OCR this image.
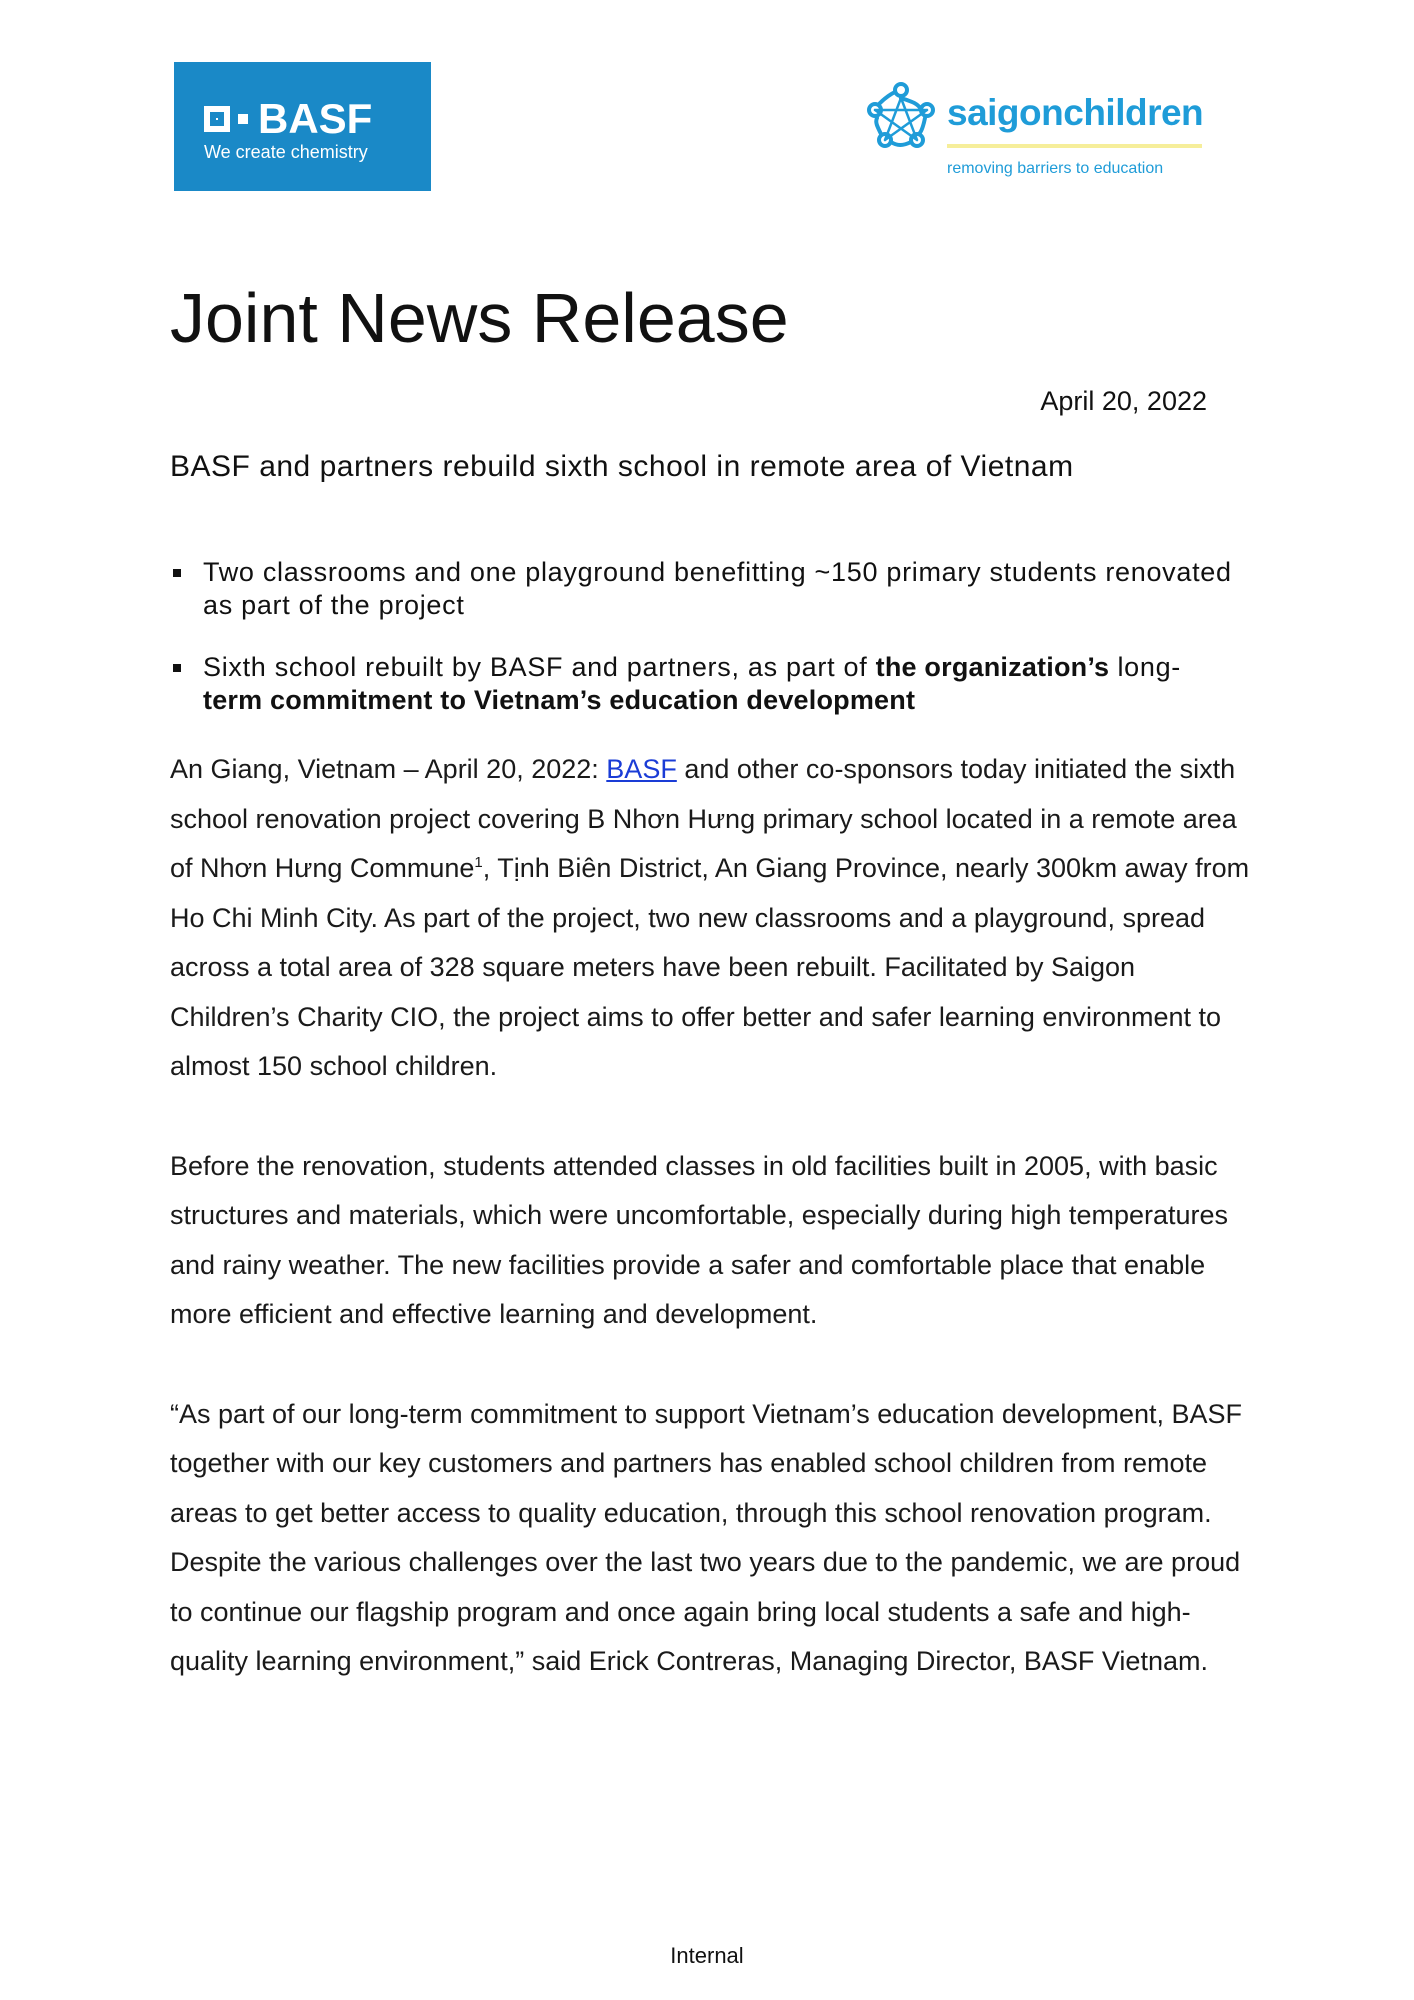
BASF
We create chemistry
saigonchildren
removing barriers to education
Joint News Release
April 20, 2022
BASF and partners rebuild sixth school in remote area of Vietnam
Two classrooms and one playground benefitting ~150 primary students renovated as part of the project
Sixth school rebuilt by BASF and partners, as part of the organization’s long-
term commitment to Vietnam’s education development

An Giang, Vietnam – April 20, 2022: BASF and other co-sponsors today initiated the sixth school renovation project covering B Nhơn Hưng primary school located in a remote area of Nhơn Hưng Commune$^1$, Tịnh Biên District, An Giang Province, nearly 300km away from Ho Chi Minh City. As part of the project, two new classrooms and a playground, spread across a total area of 328 square meters have been rebuilt. Facilitated by Saigon Children’s Charity CIO, the project aims to offer better and safer learning environment to almost 150 school children.

Before the renovation, students attended classes in old facilities built in 2005, with basic structures and materials, which were uncomfortable, especially during high temperatures and rainy weather. The new facilities provide a safer and comfortable place that enable more efficient and effective learning and development.

“As part of our long-term commitment to support Vietnam’s education development, BASF together with our key customers and partners has enabled school children from remote areas to get better access to quality education, through this school renovation program. Despite the various challenges over the last two years due to the pandemic, we are proud to continue our flagship program and once again bring local students a safe and high-quality learning environment,” said Erick Contreras, Managing Director, BASF Vietnam.

Internal
